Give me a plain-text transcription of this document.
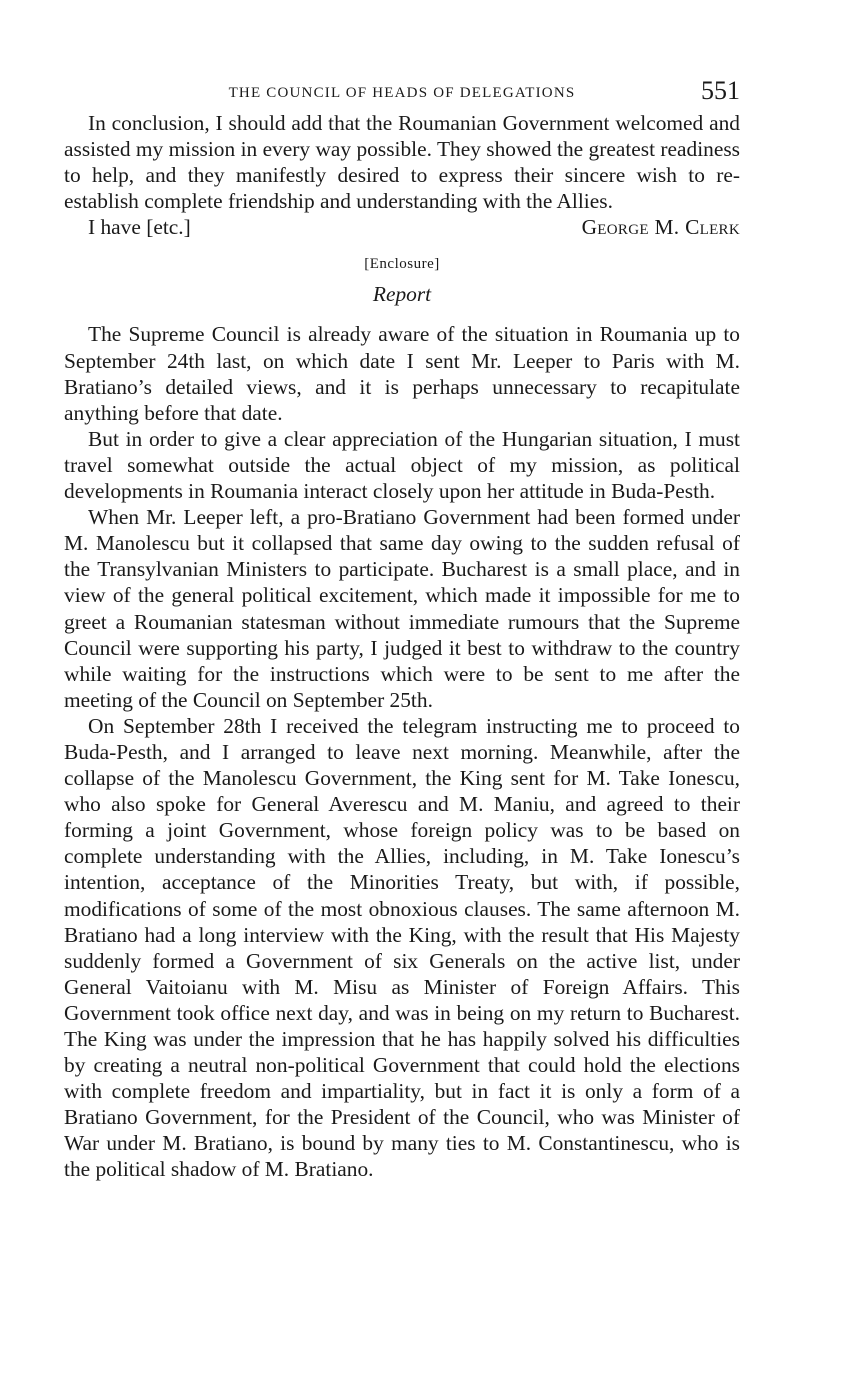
THE COUNCIL OF HEADS OF DELEGATIONS	551

In conclusion, I should add that the Roumanian Government welcomed and assisted my mission in every way possible. They showed the greatest readiness to help, and they manifestly desired to express their sincere wish to re-establish complete friendship and understanding with the Allies.

I have [etc.]	George M. Clerk
[Enclosure]
Report

The Supreme Council is already aware of the situation in Roumania up to September 24th last, on which date I sent Mr. Leeper to Paris with M. Bratiano’s detailed views, and it is perhaps unnecessary to recapitulate anything before that date.

But in order to give a clear appreciation of the Hungarian situation, I must travel somewhat outside the actual object of my mission, as political developments in Roumania interact closely upon her attitude in Buda-Pesth.

When Mr. Leeper left, a pro-Bratiano Government had been formed under M. Manolescu but it collapsed that same day owing to the sudden refusal of the Transylvanian Ministers to participate. Bucharest is a small place, and in view of the general political excitement, which made it impossible for me to greet a Roumanian statesman without immediate rumours that the Supreme Council were supporting his party, I judged it best to withdraw to the country while waiting for the instructions which were to be sent to me after the meeting of the Council on September 25th.

On September 28th I received the telegram instructing me to proceed to Buda-Pesth, and I arranged to leave next morning. Meanwhile, after the collapse of the Manolescu Government, the King sent for M. Take Ionescu, who also spoke for General Averescu and M. Maniu, and agreed to their forming a joint Government, whose foreign policy was to be based on complete understanding with the Allies, including, in M. Take Ionescu’s intention, acceptance of the Minorities Treaty, but with, if possible, modifications of some of the most obnoxious clauses. The same afternoon M. Bratiano had a long interview with the King, with the result that His Majesty suddenly formed a Government of six Generals on the active list, under General Vaitoianu with M. Misu as Minister of Foreign Affairs. This Government took office next day, and was in being on my return to Bucharest. The King was under the impression that he has happily solved his difficulties by creating a neutral non-political Government that could hold the elections with complete freedom and impartiality, but in fact it is only a form of a Bratiano Government, for the President of the Council, who was Minister of War under M. Bratiano, is bound by many ties to M. Constantinescu, who is the political shadow of M. Bratiano.
